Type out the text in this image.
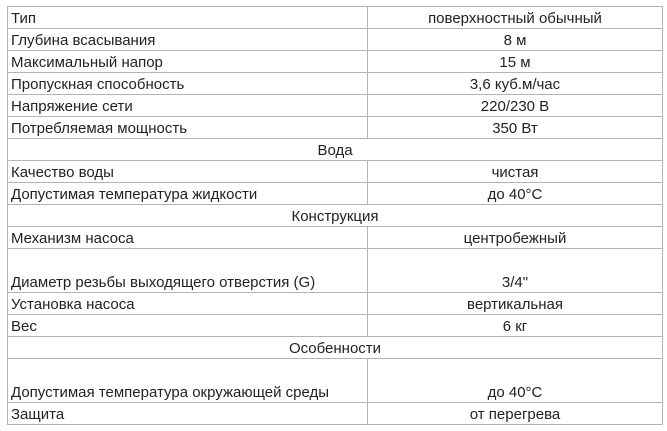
Тип	поверхностный обычный
Глубина всасывания	8 м
Максимальный напор	15 м
Пропускная способность	3,6 куб.м/час
Напряжение сети	220/230 В
Потребляемая мощность	350 Вт
Вода	
Качество воды	чистая
Допустимая температура жидкости	до 40°C
Конструкция	
Механизм насоса	центробежный
Диаметр резьбы выходящего отверстия (G)	3/4"
Установка насоса	вертикальная
Вес	6 кг
Особенности	
Допустимая температура окружающей среды	до 40°C
Защита	от перегрева
